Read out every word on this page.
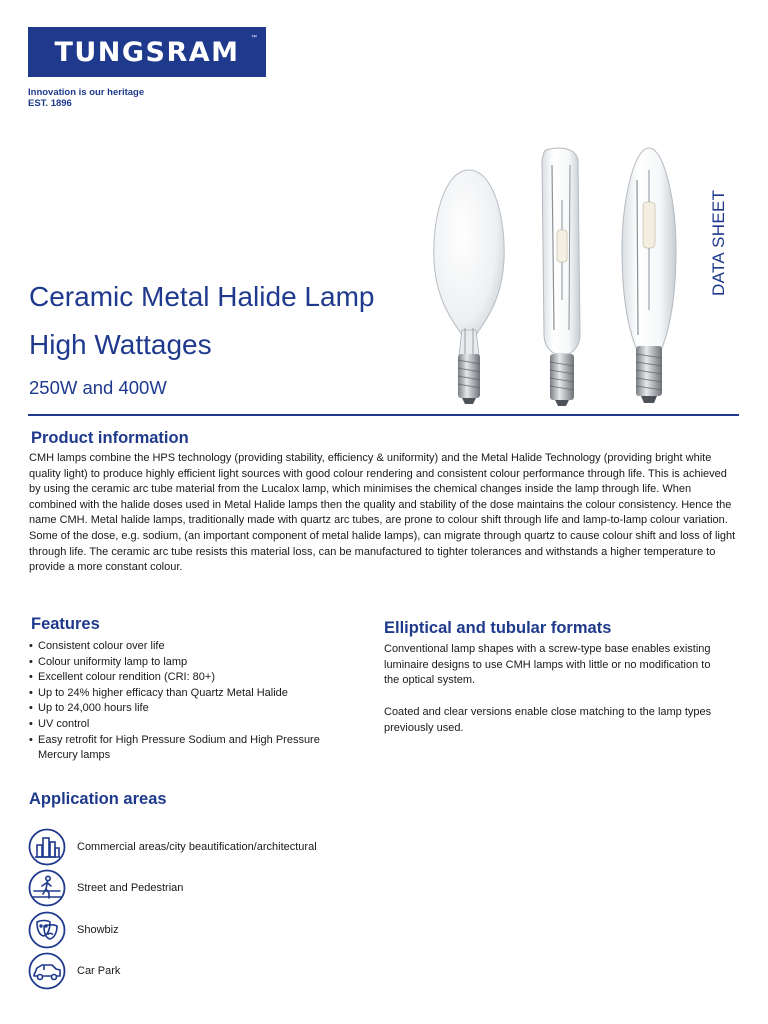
TUNGSRAM ™
Innovation is our heritage
EST. 1896
DATA SHEET
Ceramic Metal Halide Lamp
High Wattages
250W and 400W
Product information

CMH lamps combine the HPS technology (providing stability, efficiency & uniformity) and the Metal Halide Technology (providing bright white quality light) to produce highly efficient light sources with good colour rendering and consistent colour performance through life. This is achieved by using the ceramic arc tube material from the Lucalox lamp, which minimises the chemical changes inside the lamp through life. When combined with the halide doses used in Metal Halide lamps then the quality and stability of the dose maintains the colour consistency. Hence the name CMH. Metal halide lamps, traditionally made with quartz arc tubes, are prone to colour shift through life and lamp-to-lamp colour variation. Some of the dose, e.g. sodium, (an important component of metal halide lamps), can migrate through quartz to cause colour shift and loss of light through life. The ceramic arc tube resists this material loss, can be manufactured to tighter tolerances and withstands a higher temperature to provide a more constant colour.

Features
• Consistent colour over life
• Colour uniformity lamp to lamp
• Excellent colour rendition (CRI: 80+)
• Up to 24% higher efficacy than Quartz Metal Halide
• Up to 24,000 hours life
• UV control
• Easy retrofit for High Pressure Sodium and High Pressure Mercury lamps
Elliptical and tubular formats

Conventional lamp shapes with a screw-type base enables existing luminaire designs to use CMH lamps with little or no modification to the optical system.

Coated and clear versions enable close matching to the lamp types previously used.

Application areas
Commercial areas/city beautification/architectural
Street and Pedestrian
Showbiz
Car Park
